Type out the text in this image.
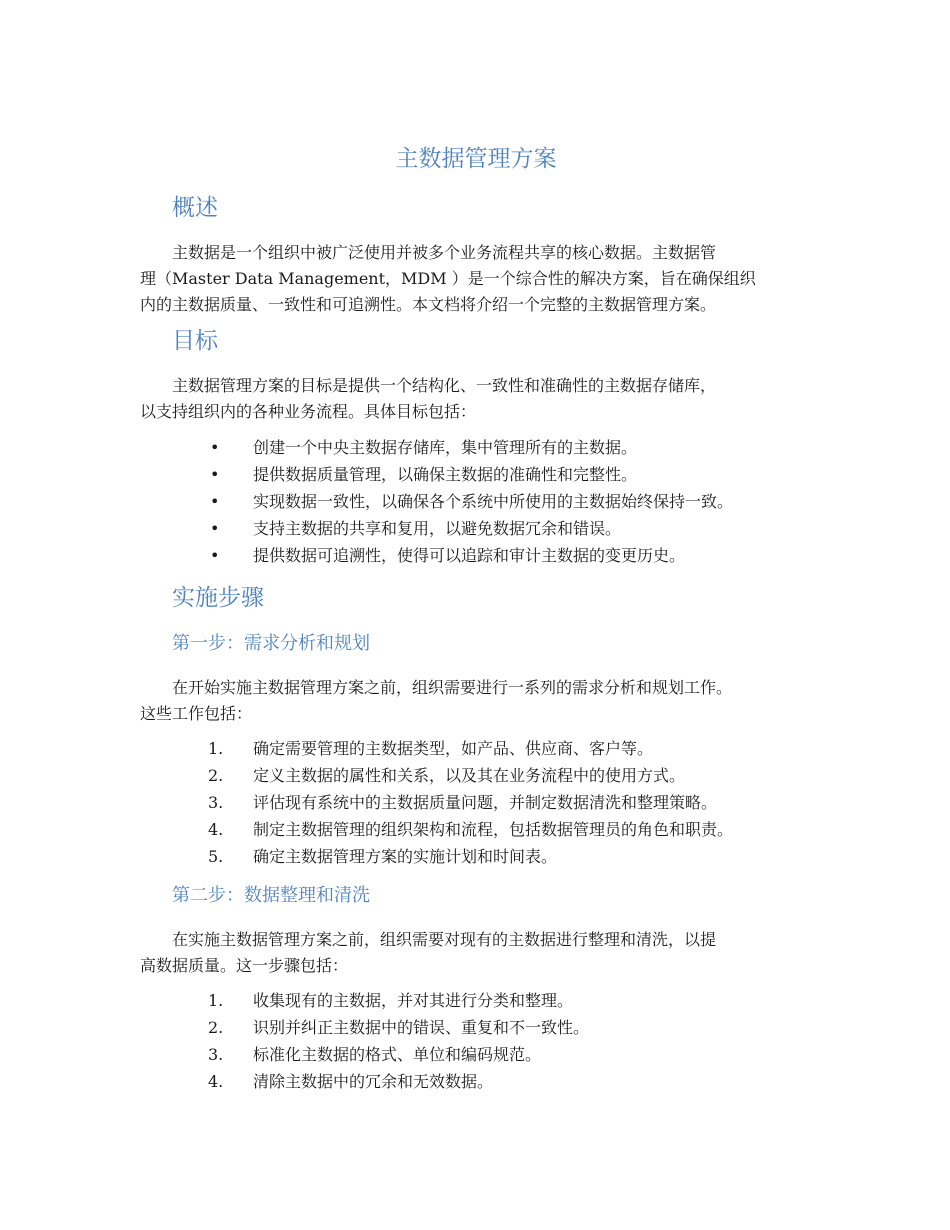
主数据管理方案
概述

主数据是一个组织中被广泛使用并被多个业务流程共享的核心数据。主数据管
理（Master Data Management，MDM ）是一个综合性的解决方案，旨在确保组织
内的主数据质量、一致性和可追溯性。本文档将介绍一个完整的主数据管理方案。

目标

主数据管理方案的目标是提供一个结构化、一致性和准确性的主数据存储库，
以支持组织内的各种业务流程。具体目标包括：

•	创建一个中央主数据存储库，集中管理所有的主数据。
•	提供数据质量管理，以确保主数据的准确性和完整性。
•	实现数据一致性，以确保各个系统中所使用的主数据始终保持一致。
•	支持主数据的共享和复用，以避免数据冗余和错误。
•	提供数据可追溯性，使得可以追踪和审计主数据的变更历史。
实施步骤
第一步：需求分析和规划

在开始实施主数据管理方案之前，组织需要进行一系列的需求分析和规划工作。
这些工作包括：

1.	确定需要管理的主数据类型，如产品、供应商、客户等。
2.	定义主数据的属性和关系，以及其在业务流程中的使用方式。
3.	评估现有系统中的主数据质量问题，并制定数据清洗和整理策略。
4.	制定主数据管理的组织架构和流程，包括数据管理员的角色和职责。
5.	确定主数据管理方案的实施计划和时间表。
第二步：数据整理和清洗

在实施主数据管理方案之前，组织需要对现有的主数据进行整理和清洗，以提
高数据质量。这一步骤包括：

1.	收集现有的主数据，并对其进行分类和整理。
2.	识别并纠正主数据中的错误、重复和不一致性。
3.	标准化主数据的格式、单位和编码规范。
4.	清除主数据中的冗余和无效数据。
